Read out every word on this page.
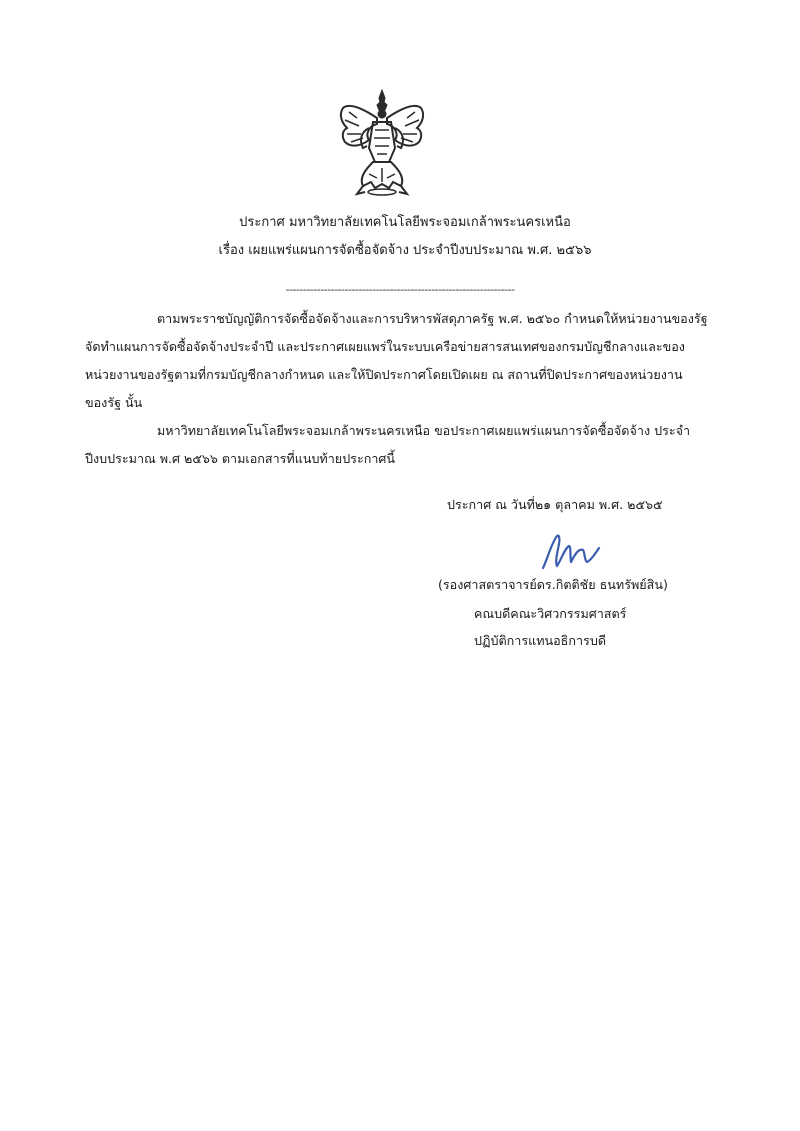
ประกาศ มหาวิทยาลัยเทคโนโลยีพระจอมเกล้าพระนครเหนือ
เรื่อง เผยแพร่แผนการจัดซื้อจัดจ้าง ประจำปีงบประมาณ พ.ศ. ๒๕๖๖
------------------------------------------------------------------
ตามพระราชบัญญัติการจัดซื้อจัดจ้างและการบริหารพัสดุภาครัฐ พ.ศ. ๒๕๖๐ กำหนดให้หน่วยงานของรัฐ
จัดทำแผนการจัดซื้อจัดจ้างประจำปี และประกาศเผยแพร่ในระบบเครือข่ายสารสนเทศของกรมบัญชีกลางและของ
หน่วยงานของรัฐตามที่กรมบัญชีกลางกำหนด และให้ปิดประกาศโดยเปิดเผย ณ สถานที่ปิดประกาศของหน่วยงาน
ของรัฐ นั้น
มหาวิทยาลัยเทคโนโลยีพระจอมเกล้าพระนครเหนือ ขอประกาศเผยแพร่แผนการจัดซื้อจัดจ้าง ประจำ
ปีงบประมาณ พ.ศ ๒๕๖๖ ตามเอกสารที่แนบท้ายประกาศนี้
ประกาศ ณ วันที่๒๑ ตุลาคม พ.ศ. ๒๕๖๕
(รองศาสตราจารย์ดร.กิตติชัย ธนทรัพย์สิน)
คณบดีคณะวิศวกรรมศาสตร์
ปฏิบัติการแทนอธิการบดี
